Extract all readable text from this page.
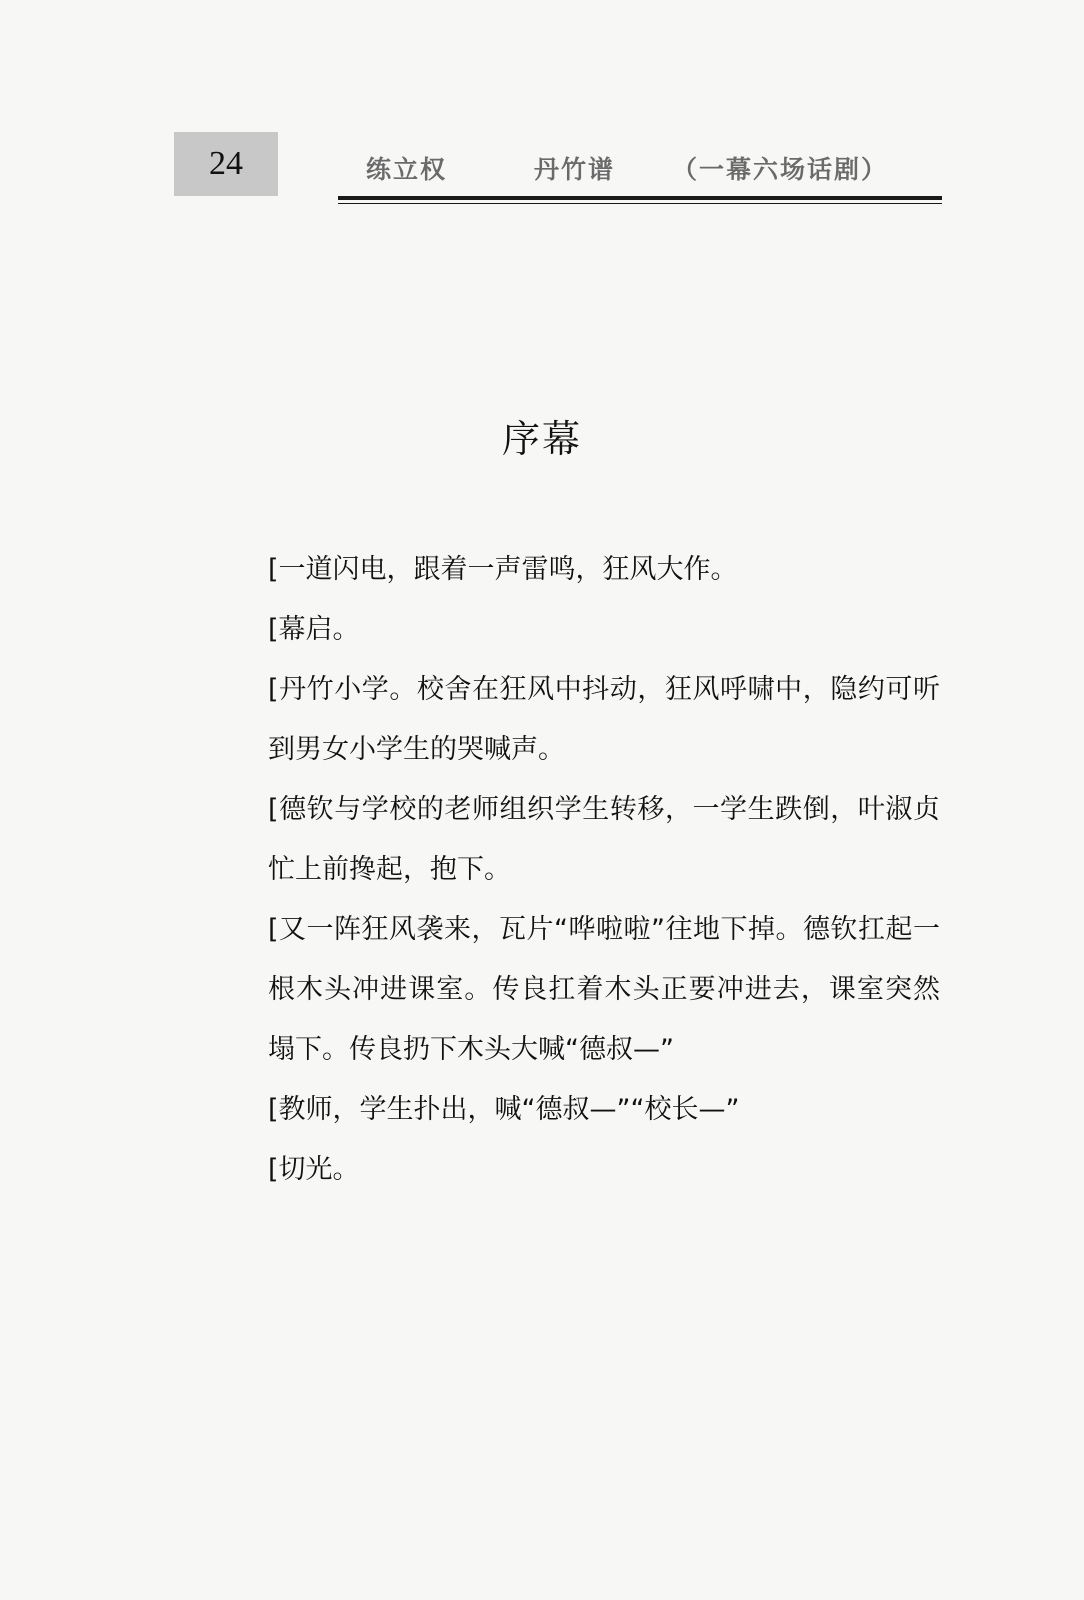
24	练立权	丹竹谱 （一幕六场话剧）
序幕

[一道闪电，跟着一声雷鸣，狂风大作。

[幕启。

[丹竹小学。校舍在狂风中抖动，狂风呼啸中，隐约可听到男女小学生的哭喊声。

[德钦与学校的老师组织学生转移，一学生跌倒，叶淑贞忙上前搀起，抱下。

[又一阵狂风袭来，瓦片“哗啦啦”往地下掉。德钦扛起一根木头冲进课室。传良扛着木头正要冲进去，课室突然塌下。传良扔下木头大喊“德叔—”

[教师，学生扑出，喊“德叔—”“校长—”

[切光。
